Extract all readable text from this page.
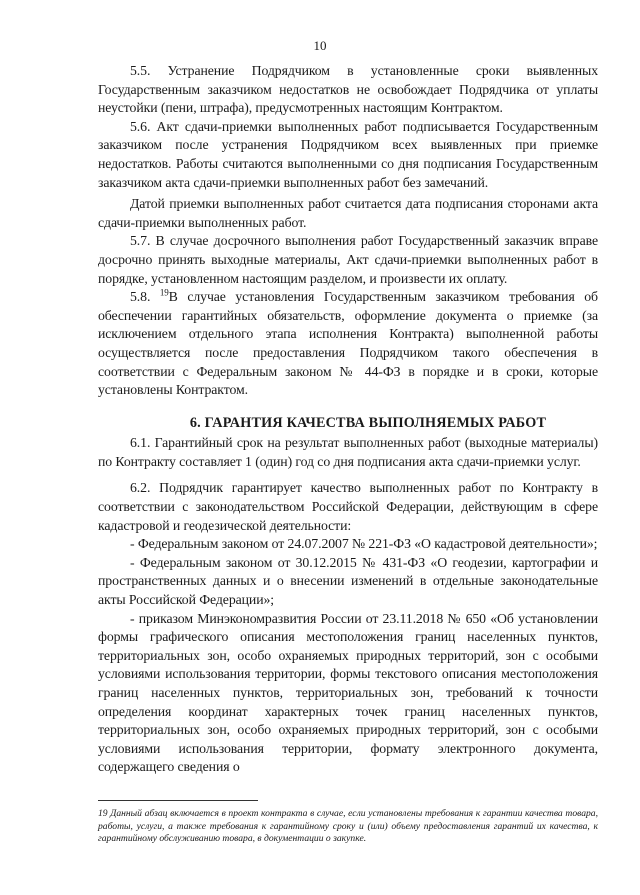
10

5.5. Устранение Подрядчиком в установленные сроки выявленных Государственным заказчиком недостатков не освобождает Подрядчика от уплаты неустойки (пени, штрафа), предусмотренных настоящим Контрактом.

5.6. Акт сдачи-приемки выполненных работ подписывается Государственным заказчиком после устранения Подрядчиком всех выявленных при приемке недостатков. Работы считаются выполненными со дня подписания Государственным заказчиком акта сдачи-приемки выполненных работ без замечаний.

Датой приемки выполненных работ считается дата подписания сторонами акта сдачи-приемки выполненных работ.

5.7. В случае досрочного выполнения работ Государственный заказчик вправе досрочно принять выходные материалы, Акт сдачи-приемки выполненных работ в порядке, установленном настоящим разделом, и произвести их оплату.

5.8. $^{19}$В случае установления Государственным заказчиком требования об обеспечении гарантийных обязательств, оформление документа о приемке (за исключением отдельного этапа исполнения Контракта) выполненной работы осуществляется после предоставления Подрядчиком такого обеспечения в соответствии с Федеральным законом № 44-ФЗ в порядке и в сроки, которые установлены Контрактом.

6. ГАРАНТИЯ КАЧЕСТВА ВЫПОЛНЯЕМЫХ РАБОТ

6.1. Гарантийный срок на результат выполненных работ (выходные материалы) по Контракту составляет 1 (один) год со дня подписания акта сдачи-приемки услуг.

6.2. Подрядчик гарантирует качество выполненных работ по Контракту в соответствии с законодательством Российской Федерации, действующим в сфере кадастровой и геодезической деятельности:

- Федеральным законом от 24.07.2007 № 221-ФЗ «О кадастровой деятельности»;

- Федеральным законом от 30.12.2015 № 431-ФЗ «О геодезии, картографии и пространственных данных и о внесении изменений в отдельные законодательные акты Российской Федерации»;

- приказом Минэкономразвития России от 23.11.2018 № 650 «Об установлении формы графического описания местоположения границ населенных пунктов, территориальных зон, особо охраняемых природных территорий, зон с особыми условиями использования территории, формы текстового описания местоположения границ населенных пунктов, территориальных зон, требований к точности определения координат характерных точек границ населенных пунктов, территориальных зон, особо охраняемых природных территорий, зон с особыми условиями использования территории, формату электронного документа, содержащего сведения о

19 Данный абзац включается в проект контракта в случае, если установлены требования к гарантии качества товара, работы, услуги, а также требования к гарантийному сроку и (или) объему предоставления гарантий их качества, к гарантийному обслуживанию товара, в документации о закупке.
